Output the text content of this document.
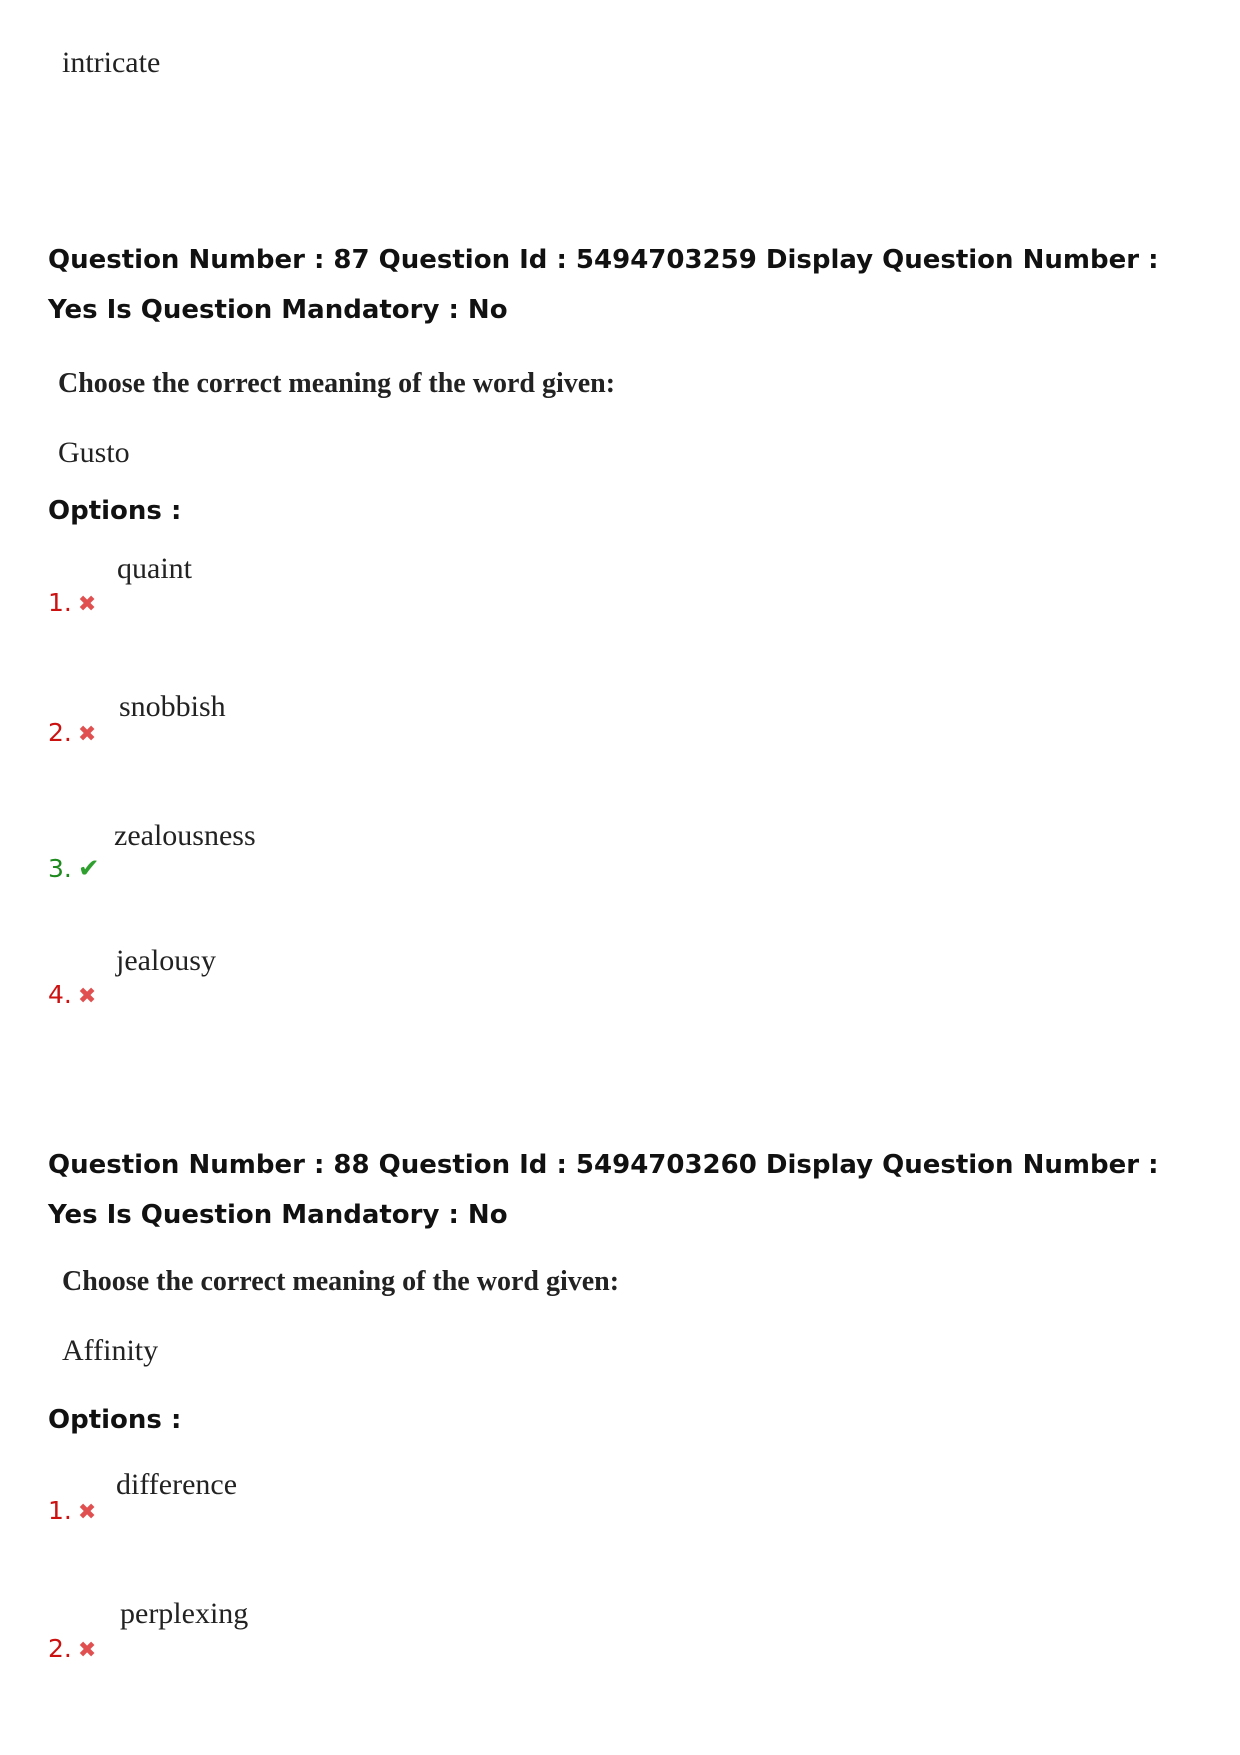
intricate
Question Number : 87 Question Id : 5494703259 Display Question Number : Yes Is Question Mandatory : No
Choose the correct meaning of the word given:
Gusto
Options :
1. ✖
quaint
2. ✖
snobbish
3. ✔
zealousness
4. ✖
jealousy
Question Number : 88 Question Id : 5494703260 Display Question Number : Yes Is Question Mandatory : No
Choose the correct meaning of the word given:
Affinity
Options :
1. ✖
difference
2. ✖
perplexing
